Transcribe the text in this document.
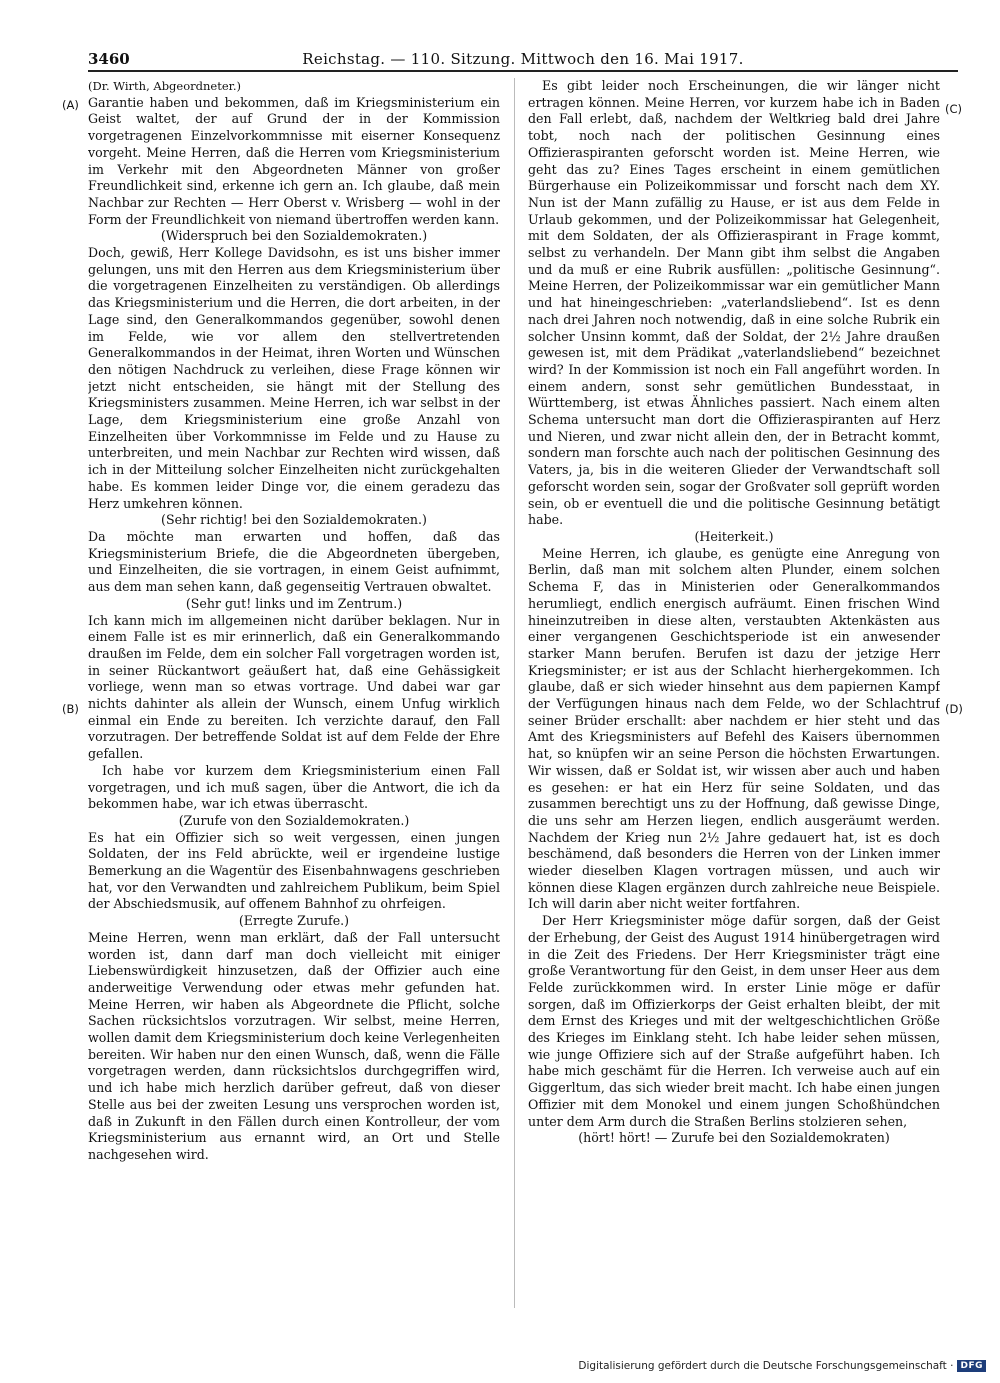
3460	Reichstag. — 110. Sitzung. Mittwoch den 16. Mai 1917.
(A)
(B)
(C)
(D)

(Dr. Wirth, Abgeordneter.)

Garantie haben und bekommen, daß im Kriegsministerium ein Geist waltet, der auf Grund der in der Kommission vorgetragenen Einzelvorkommnisse mit eiserner Konsequenz vorgeht. Meine Herren, daß die Herren vom Kriegsministerium im Verkehr mit den Abgeordneten Männer von großer Freundlichkeit sind, erkenne ich gern an. Ich glaube, daß mein Nachbar zur Rechten — Herr Oberst v. Wrisberg — wohl in der Form der Freundlichkeit von niemand übertroffen werden kann.

(Widerspruch bei den Sozialdemokraten.)

Doch, gewiß, Herr Kollege Davidsohn, es ist uns bisher immer gelungen, uns mit den Herren aus dem Kriegsministerium über die vorgetragenen Einzelheiten zu verständigen. Ob allerdings das Kriegsministerium und die Herren, die dort arbeiten, in der Lage sind, den Generalkommandos gegenüber, sowohl denen im Felde, wie vor allem den stellvertretenden Generalkommandos in der Heimat, ihren Worten und Wünschen den nötigen Nachdruck zu verleihen, diese Frage können wir jetzt nicht entscheiden, sie hängt mit der Stellung des Kriegsministers zusammen. Meine Herren, ich war selbst in der Lage, dem Kriegsministerium eine große Anzahl von Einzelheiten über Vorkommnisse im Felde und zu Hause zu unterbreiten, und mein Nachbar zur Rechten wird wissen, daß ich in der Mitteilung solcher Einzelheiten nicht zurückgehalten habe. Es kommen leider Dinge vor, die einem geradezu das Herz umkehren können.

(Sehr richtig! bei den Sozialdemokraten.)

Da möchte man erwarten und hoffen, daß das Kriegsministerium Briefe, die die Abgeordneten übergeben, und Einzelheiten, die sie vortragen, in einem Geist aufnimmt, aus dem man sehen kann, daß gegenseitig Vertrauen obwaltet.

(Sehr gut! links und im Zentrum.)

Ich kann mich im allgemeinen nicht darüber beklagen. Nur in einem Falle ist es mir erinnerlich, daß ein Generalkommando draußen im Felde, dem ein solcher Fall vorgetragen worden ist, in seiner Rückantwort geäußert hat, daß eine Gehässigkeit vorliege, wenn man so etwas vortrage. Und dabei war gar nichts dahinter als allein der Wunsch, einem Unfug wirklich einmal ein Ende zu bereiten. Ich verzichte darauf, den Fall vorzutragen. Der betreffende Soldat ist auf dem Felde der Ehre gefallen.

Ich habe vor kurzem dem Kriegsministerium einen Fall vorgetragen, und ich muß sagen, über die Antwort, die ich da bekommen habe, war ich etwas überrascht.

(Zurufe von den Sozialdemokraten.)

Es hat ein Offizier sich so weit vergessen, einen jungen Soldaten, der ins Feld abrückte, weil er irgendeine lustige Bemerkung an die Wagentür des Eisenbahnwagens geschrieben hat, vor den Verwandten und zahlreichem Publikum, beim Spiel der Abschiedsmusik, auf offenem Bahnhof zu ohrfeigen.

(Erregte Zurufe.)

Meine Herren, wenn man erklärt, daß der Fall untersucht worden ist, dann darf man doch vielleicht mit einiger Liebenswürdigkeit hinzusetzen, daß der Offizier auch eine anderweitige Verwendung oder etwas mehr gefunden hat. Meine Herren, wir haben als Abgeordnete die Pflicht, solche Sachen rücksichtslos vorzutragen. Wir selbst, meine Herren, wollen damit dem Kriegsministerium doch keine Verlegenheiten bereiten. Wir haben nur den einen Wunsch, daß, wenn die Fälle vorgetragen werden, dann rücksichtslos durchgegriffen wird, und ich habe mich herzlich darüber gefreut, daß von dieser Stelle aus bei der zweiten Lesung uns versprochen worden ist, daß in Zukunft in den Fällen durch einen Kontrolleur, der vom Kriegsministerium aus ernannt wird, an Ort und Stelle nachgesehen wird.

Es gibt leider noch Erscheinungen, die wir länger nicht ertragen können. Meine Herren, vor kurzem habe ich in Baden den Fall erlebt, daß, nachdem der Weltkrieg bald drei Jahre tobt, noch nach der politischen Gesinnung eines Offizieraspiranten geforscht worden ist. Meine Herren, wie geht das zu? Eines Tages erscheint in einem gemütlichen Bürgerhause ein Polizeikommissar und forscht nach dem XY. Nun ist der Mann zufällig zu Hause, er ist aus dem Felde in Urlaub gekommen, und der Polizeikommissar hat Gelegenheit, mit dem Soldaten, der als Offizieraspirant in Frage kommt, selbst zu verhandeln. Der Mann gibt ihm selbst die Angaben und da muß er eine Rubrik ausfüllen: „politische Gesinnung“. Meine Herren, der Polizeikommissar war ein gemütlicher Mann und hat hineingeschrieben: „vaterlandsliebend“. Ist es denn nach drei Jahren noch notwendig, daß in eine solche Rubrik ein solcher Unsinn kommt, daß der Soldat, der 2½ Jahre draußen gewesen ist, mit dem Prädikat „vaterlandsliebend“ bezeichnet wird? In der Kommission ist noch ein Fall angeführt worden. In einem andern, sonst sehr gemütlichen Bundesstaat, in Württemberg, ist etwas Ähnliches passiert. Nach einem alten Schema untersucht man dort die Offizieraspiranten auf Herz und Nieren, und zwar nicht allein den, der in Betracht kommt, sondern man forschte auch nach der politischen Gesinnung des Vaters, ja, bis in die weiteren Glieder der Verwandtschaft soll geforscht worden sein, sogar der Großvater soll geprüft worden sein, ob er eventuell die und die politische Gesinnung betätigt habe.

(Heiterkeit.)

Meine Herren, ich glaube, es genügte eine Anregung von Berlin, daß man mit solchem alten Plunder, einem solchen Schema F, das in Ministerien oder Generalkommandos herumliegt, endlich energisch aufräumt. Einen frischen Wind hineinzutreiben in diese alten, verstaubten Aktenkästen aus einer vergangenen Geschichtsperiode ist ein anwesender starker Mann berufen. Berufen ist dazu der jetzige Herr Kriegsminister; er ist aus der Schlacht hierhergekommen. Ich glaube, daß er sich wieder hinsehnt aus dem papiernen Kampf der Verfügungen hinaus nach dem Felde, wo der Schlachtruf seiner Brüder erschallt: aber nachdem er hier steht und das Amt des Kriegsministers auf Befehl des Kaisers übernommen hat, so knüpfen wir an seine Person die höchsten Erwartungen. Wir wissen, daß er Soldat ist, wir wissen aber auch und haben es gesehen: er hat ein Herz für seine Soldaten, und das zusammen berechtigt uns zu der Hoffnung, daß gewisse Dinge, die uns sehr am Herzen liegen, endlich ausgeräumt werden. Nachdem der Krieg nun 2½ Jahre gedauert hat, ist es doch beschämend, daß besonders die Herren von der Linken immer wieder dieselben Klagen vortragen müssen, und auch wir können diese Klagen ergänzen durch zahlreiche neue Beispiele. Ich will darin aber nicht weiter fortfahren.

Der Herr Kriegsminister möge dafür sorgen, daß der Geist der Erhebung, der Geist des August 1914 hinübergetragen wird in die Zeit des Friedens. Der Herr Kriegsminister trägt eine große Verantwortung für den Geist, in dem unser Heer aus dem Felde zurückkommen wird. In erster Linie möge er dafür sorgen, daß im Offizierkorps der Geist erhalten bleibt, der mit dem Ernst des Krieges und mit der weltgeschichtlichen Größe des Krieges im Einklang steht. Ich habe leider sehen müssen, wie junge Offiziere sich auf der Straße aufgeführt haben. Ich habe mich geschämt für die Herren. Ich verweise auch auf ein Giggerltum, das sich wieder breit macht. Ich habe einen jungen Offizier mit dem Monokel und einem jungen Schoßhündchen unter dem Arm durch die Straßen Berlins stolzieren sehen,

(hört! hört! — Zurufe bei den Sozialdemokraten)

Digitalisierung gefördert durch die Deutsche Forschungsgemeinschaft · DFG
